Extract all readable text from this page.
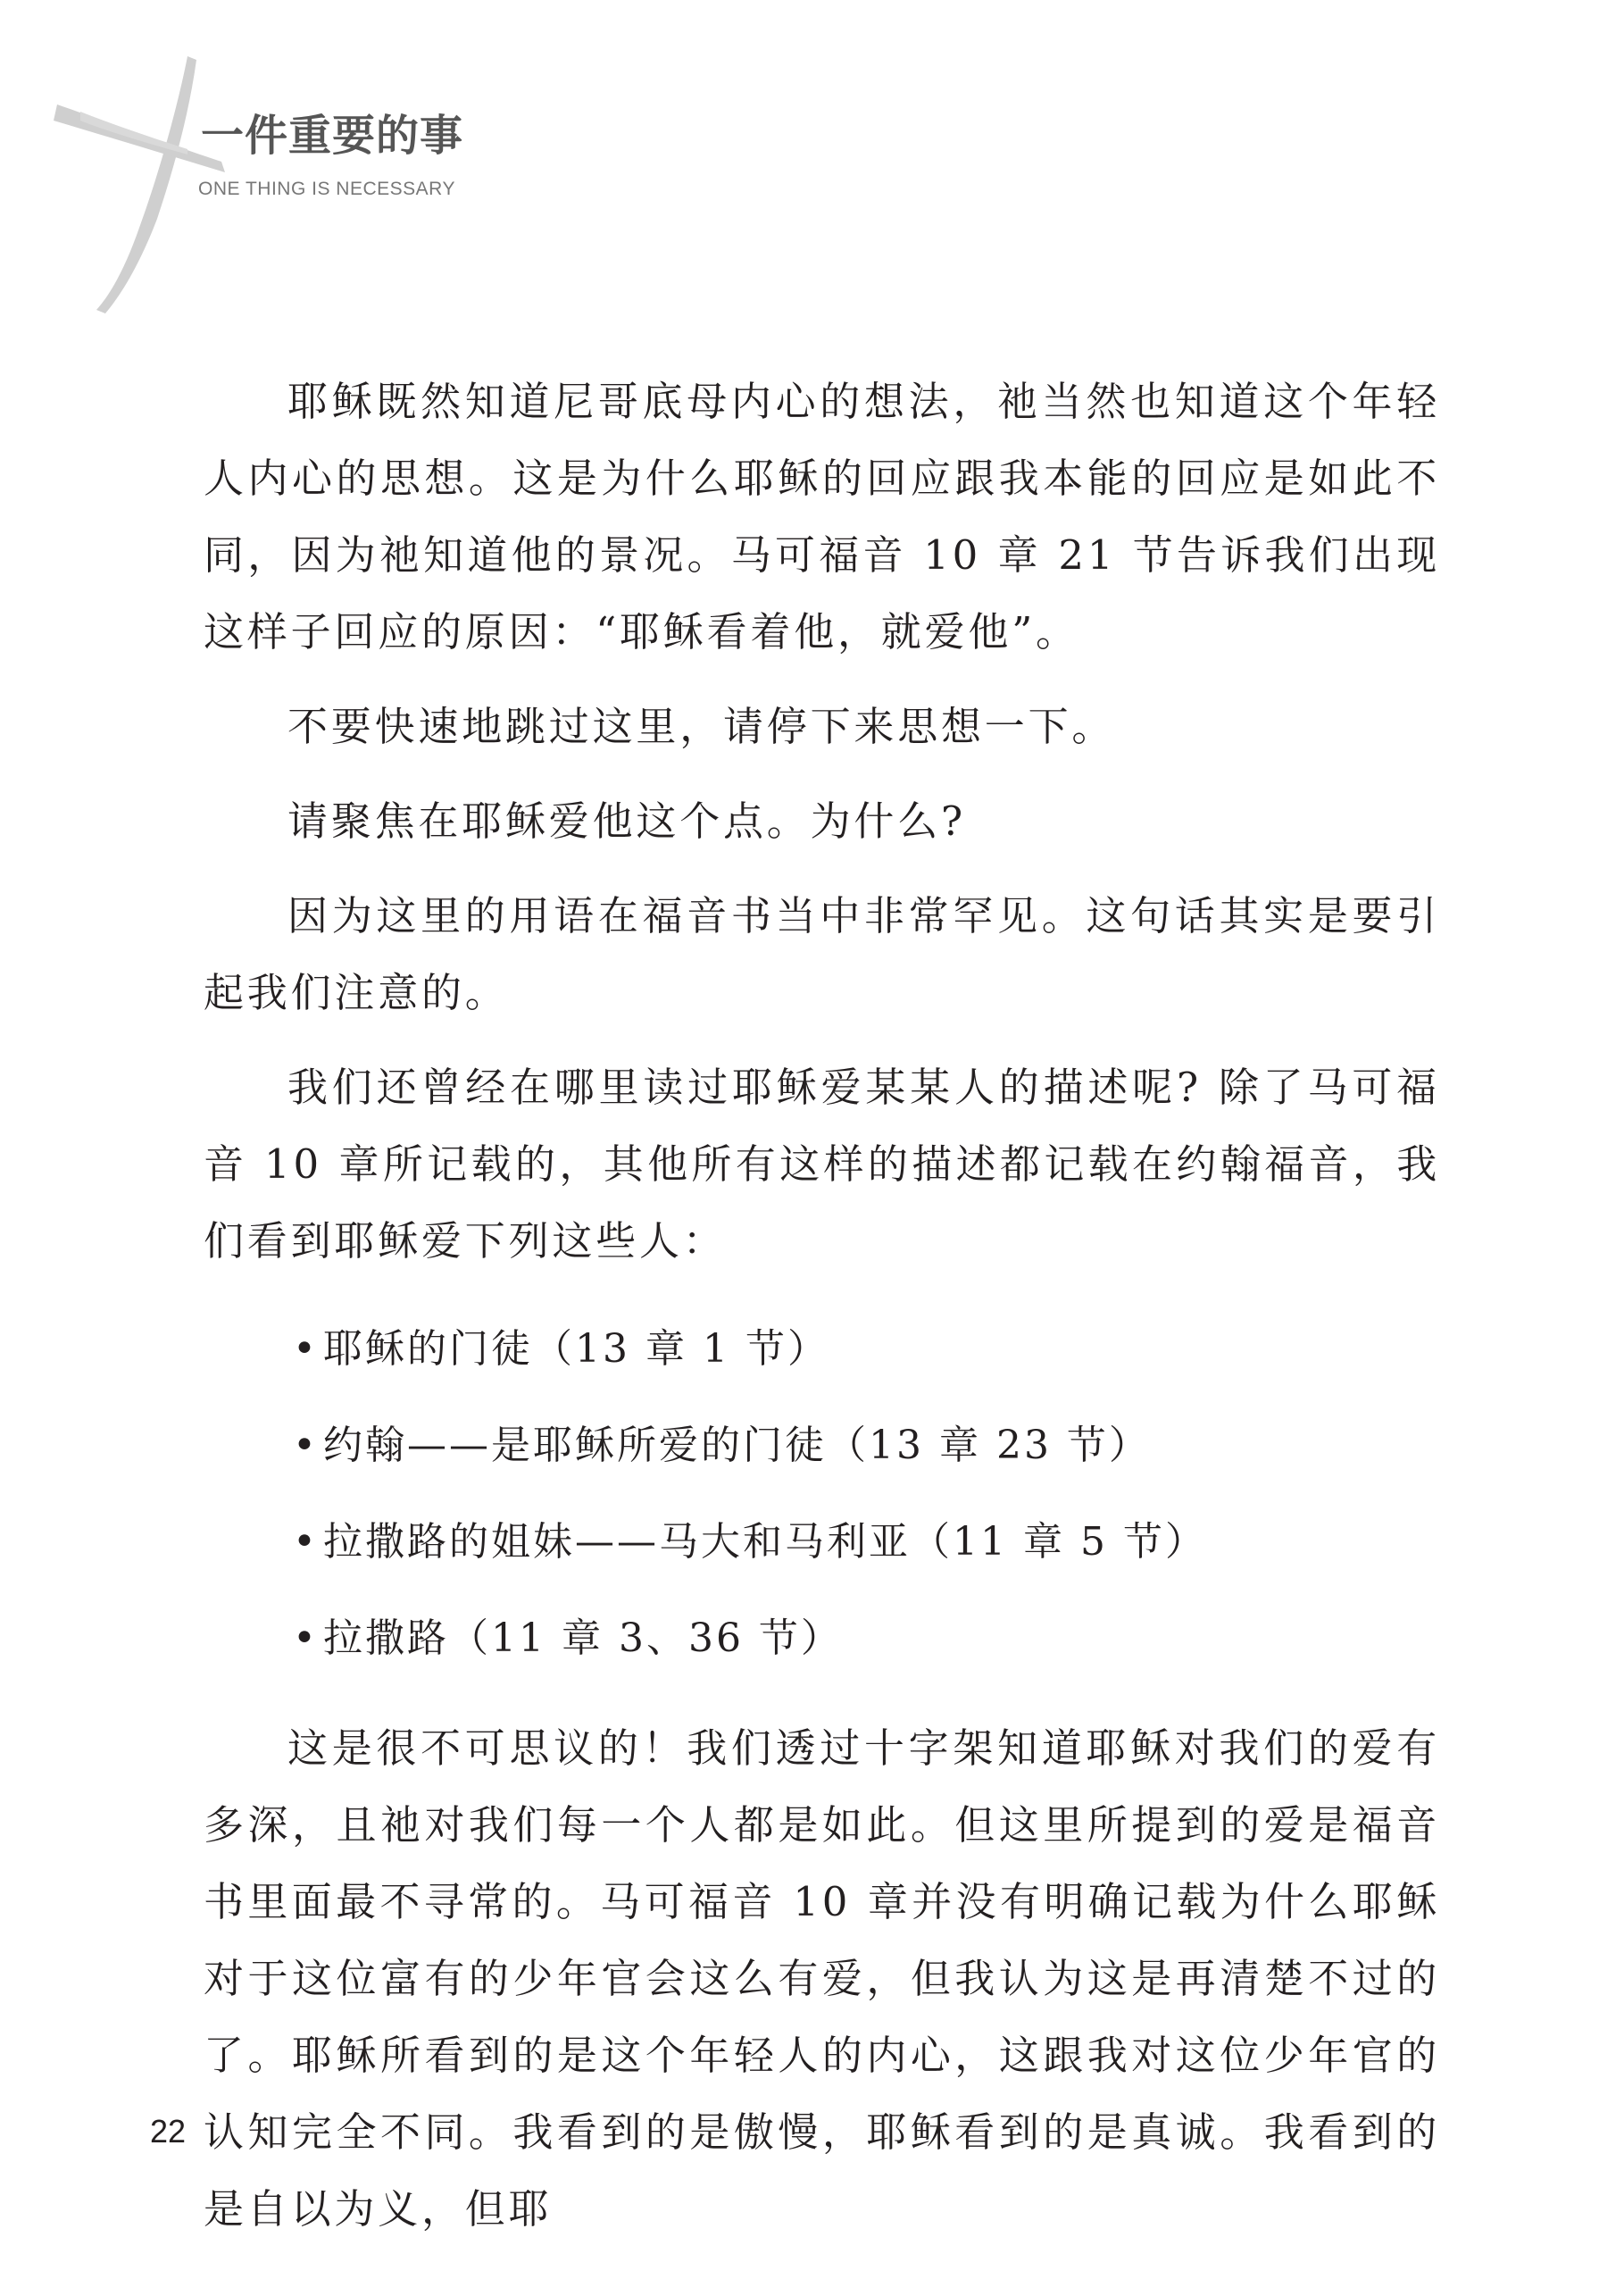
一件重要的事
ONE THING IS NECESSARY

耶稣既然知道尼哥底母内心的想法，祂当然也知道这个年轻人内心的思想。这是为什么耶稣的回应跟我本能的回应是如此不同，因为祂知道他的景况。马可福音 10 章 21 节告诉我们出现这样子回应的原因：“耶稣看着他，就爱他”。

不要快速地跳过这里，请停下来思想一下。

请聚焦在耶稣爱他这个点。为什么?

因为这里的用语在福音书当中非常罕见。这句话其实是要引起我们注意的。

我们还曾经在哪里读过耶稣爱某某人的描述呢? 除了马可福音 10 章所记载的，其他所有这样的描述都记载在约翰福音，我们看到耶稣爱下列这些人：

• 耶稣的门徒（13 章 1 节）
• 约翰——是耶稣所爱的门徒（13 章 23 节）
• 拉撒路的姐妹——马大和马利亚（11 章 5 节）
• 拉撒路（11 章 3、36 节）

这是很不可思议的！我们透过十字架知道耶稣对我们的爱有多深，且祂对我们每一个人都是如此。但这里所提到的爱是福音书里面最不寻常的。马可福音 10 章并没有明确记载为什么耶稣对于这位富有的少年官会这么有爱，但我认为这是再清楚不过的了。耶稣所看到的是这个年轻人的内心，这跟我对这位少年官的认知完全不同。我看到的是傲慢，耶稣看到的是真诚。我看到的是自以为义，但耶

22
